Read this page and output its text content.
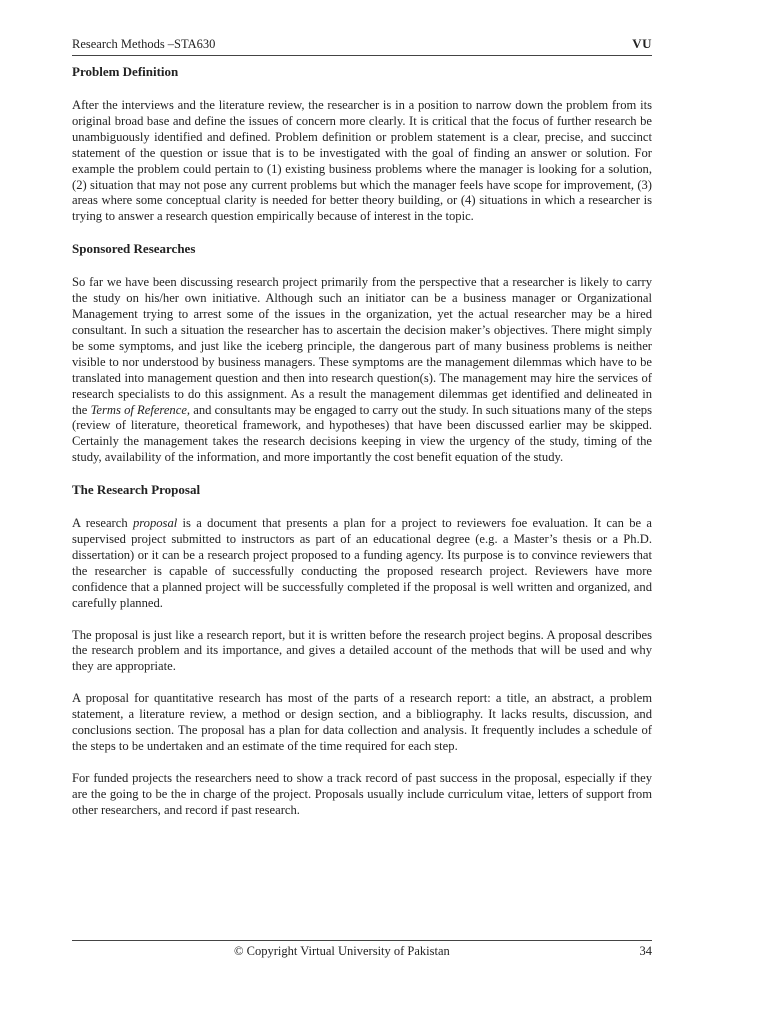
Research Methods –STA630	VU
Problem Definition

After the interviews and the literature review, the researcher is in a position to narrow down the problem from its original broad base and define the issues of concern more clearly. It is critical that the focus of further research be unambiguously identified and defined. Problem definition or problem statement is a clear, precise, and succinct statement of the question or issue that is to be investigated with the goal of finding an answer or solution. For example the problem could pertain to (1) existing business problems where the manager is looking for a solution,(2) situation that may not pose any current problems but which the manager feels have scope for improvement, (3) areas where some conceptual clarity is needed for better theory building, or (4) situations in which a researcher is trying to answer a research question empirically because of interest in the topic.

Sponsored Researches

So far we have been discussing research project primarily from the perspective that a researcher is likely to carry the study on his/her own initiative. Although such an initiator can be a business manager or Organizational Management trying to arrest some of the issues in the organization, yet the actual researcher may be a hired consultant. In such a situation the researcher has to ascertain the decision maker’s objectives. There might simply be some symptoms, and just like the iceberg principle, the dangerous part of many business problems is neither visible to nor understood by business managers. These symptoms are the management dilemmas which have to be translated into management question and then into research question(s). The management may hire the services of research specialists to do this assignment. As a result the management dilemmas get identified and delineated in the Terms of Reference, and consultants may be engaged to carry out the study. In such situations many of the steps (review of literature, theoretical framework, and hypotheses) that have been discussed earlier may be skipped. Certainly the management takes the research decisions keeping in view the urgency of the study, timing of the study, availability of the information, and more importantly the cost benefit equation of the study.

The Research Proposal

A research proposal is a document that presents a plan for a project to reviewers foe evaluation. It can be a supervised project submitted to instructors as part of an educational degree (e.g. a Master’s thesis or a Ph.D. dissertation) or it can be a research project proposed to a funding agency. Its purpose is to convince reviewers that the researcher is capable of successfully conducting the proposed research project. Reviewers have more confidence that a planned project will be successfully completed if the proposal is well written and organized, and carefully planned.

The proposal is just like a research report, but it is written before the research project begins. A proposal describes the research problem and its importance, and gives a detailed account of the methods that will be used and why they are appropriate.

A proposal for quantitative research has most of the parts of a research report: a title, an abstract, a problem statement, a literature review, a method or design section, and a bibliography. It lacks results, discussion, and conclusions section. The proposal has a plan for data collection and analysis. It frequently includes a schedule of the steps to be undertaken and an estimate of the time required for each step.

For funded projects the researchers need to show a track record of past success in the proposal, especially if they are the going to be the in charge of the project. Proposals usually include curriculum vitae, letters of support from other researchers, and record if past research.

© Copyright Virtual University of Pakistan	34
